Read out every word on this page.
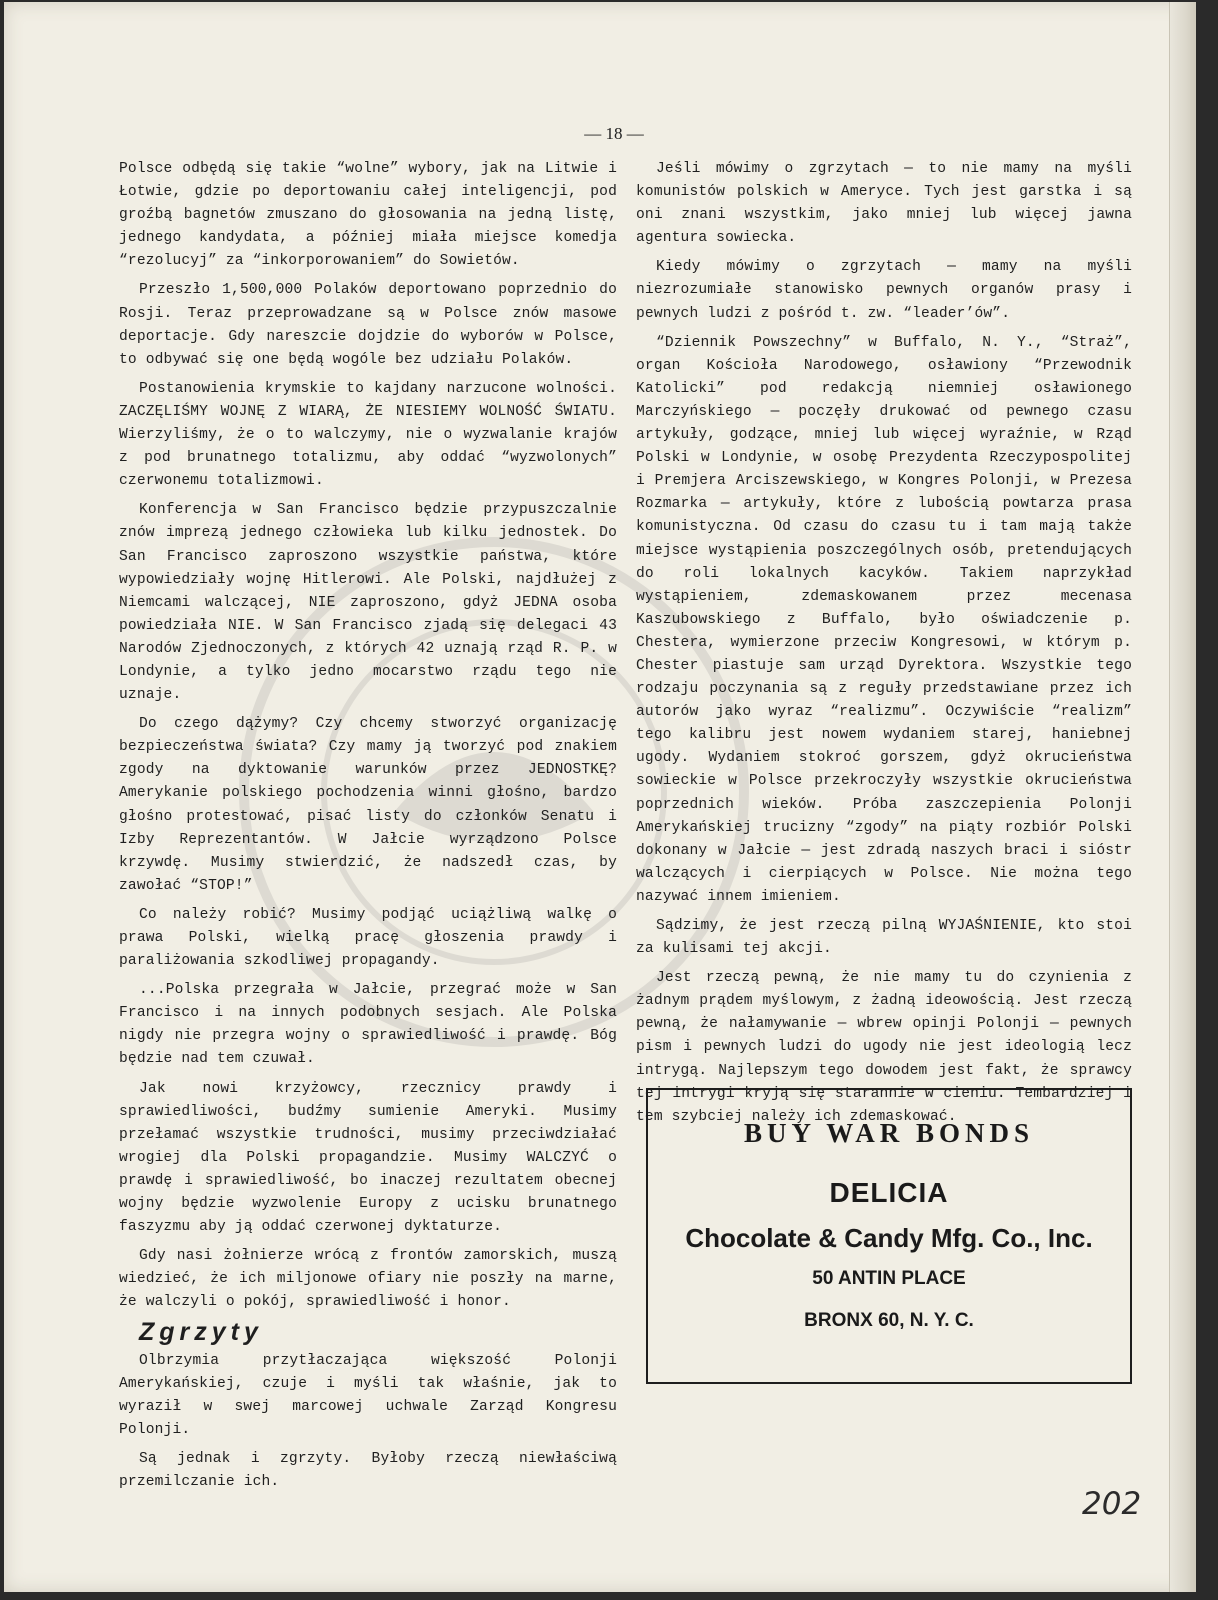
— 18 —

Polsce odbędą się takie “wolne” wybory, jak na Litwie i Łotwie, gdzie po deportowaniu całej inteligencji, pod groźbą bagnetów zmuszano do głosowania na jedną listę, jednego kandydata, a później miała miejsce komedja “rezolucyj” za “inkorporowaniem” do Sowietów.

Przeszło 1,500,000 Polaków deportowano poprzednio do Rosji. Teraz przeprowadzane są w Polsce znów masowe deportacje. Gdy nareszcie dojdzie do wyborów w Polsce, to odbywać się one będą wogóle bez udziału Polaków.

Postanowienia krymskie to kajdany narzucone wolności. ZACZĘLIŚMY WOJNĘ Z WIARĄ, ŻE NIESIEMY WOLNOŚĆ ŚWIATU. Wierzyliśmy, że o to walczymy, nie o wyzwalanie krajów z pod brunatnego totalizmu, aby oddać “wyzwolonych” czerwonemu totalizmowi.

Konferencja w San Francisco będzie przypuszczalnie znów imprezą jednego człowieka lub kilku jednostek. Do San Francisco zaproszono wszystkie państwa, które wypowiedziały wojnę Hitlerowi. Ale Polski, najdłużej z Niemcami walczącej, NIE zaproszono, gdyż JEDNA osoba powiedziała NIE. W San Francisco zjadą się delegaci 43 Narodów Zjednoczonych, z których 42 uznają rząd R. P. w Londynie, a tylko jedno mocarstwo rządu tego nie uznaje.

Do czego dążymy? Czy chcemy stworzyć organizację bezpieczeństwa świata? Czy mamy ją tworzyć pod znakiem zgody na dyktowanie warunków przez JEDNOSTKĘ? Amerykanie polskiego pochodzenia winni głośno, bardzo głośno protestować, pisać listy do członków Senatu i Izby Reprezentantów. W Jałcie wyrządzono Polsce krzywdę. Musimy stwierdzić, że nadszedł czas, by zawołać “STOP!”

Co należy robić? Musimy podjąć uciążliwą walkę o prawa Polski, wielką pracę głoszenia prawdy i paraliżowania szkodliwej propagandy.

...Polska przegrała w Jałcie, przegrać może w San Francisco i na innych podobnych sesjach. Ale Polska nigdy nie przegra wojny o sprawiedliwość i prawdę. Bóg będzie nad tem czuwał.

Jak nowi krzyżowcy, rzecznicy prawdy i sprawiedliwości, budźmy sumienie Ameryki. Musimy przełamać wszystkie trudności, musimy przeciwdziałać wrogiej dla Polski propagandzie. Musimy WALCZYĆ o prawdę i sprawiedliwość, bo inaczej rezultatem obecnej wojny będzie wyzwolenie Europy z ucisku brunatnego faszyzmu aby ją oddać czerwonej dyktaturze.

Gdy nasi żołnierze wrócą z frontów zamorskich, muszą wiedzieć, że ich miljonowe ofiary nie poszły na marne, że walczyli o pokój, sprawiedliwość i honor.

Zgrzyty

Olbrzymia przytłaczająca większość Polonji Amerykańskiej, czuje i myśli tak właśnie, jak to wyraził w swej marcowej uchwale Zarząd Kongresu Polonji.

Są jednak i zgrzyty. Byłoby rzeczą niewłaściwą przemilczanie ich.

Jeśli mówimy o zgrzytach — to nie mamy na myśli komunistów polskich w Ameryce. Tych jest garstka i są oni znani wszystkim, jako mniej lub więcej jawna agentura sowiecka.

Kiedy mówimy o zgrzytach — mamy na myśli niezrozumiałe stanowisko pewnych organów prasy i pewnych ludzi z pośród t. zw. “leader’ów”.

“Dziennik Powszechny” w Buffalo, N. Y., “Straż”, organ Kościoła Narodowego, osławiony “Przewodnik Katolicki” pod redakcją niemniej osławionego Marczyńskiego — poczęły drukować od pewnego czasu artykuły, godzące, mniej lub więcej wyraźnie, w Rząd Polski w Londynie, w osobę Prezydenta Rzeczypospolitej i Premjera Arciszewskiego, w Kongres Polonji, w Prezesa Rozmarka — artykuły, które z lubością powtarza prasa komunistyczna. Od czasu do czasu tu i tam mają także miejsce wystąpienia poszczególnych osób, pretendujących do roli lokalnych kacyków. Takiem naprzykład wystąpieniem, zdemaskowanem przez mecenasa Kaszubowskiego z Buffalo, było oświadczenie p. Chestera, wymierzone przeciw Kongresowi, w którym p. Chester piastuje sam urząd Dyrektora. Wszystkie tego rodzaju poczynania są z reguły przedstawiane przez ich autorów jako wyraz “realizmu”. Oczywiście “realizm” tego kalibru jest nowem wydaniem starej, haniebnej ugody. Wydaniem stokroć gorszem, gdyż okrucieństwa sowieckie w Polsce przekroczyły wszystkie okrucieństwa poprzednich wieków. Próba zaszczepienia Polonji Amerykańskiej trucizny “zgody” na piąty rozbiór Polski dokonany w Jałcie — jest zdradą naszych braci i sióstr walczących i cierpiących w Polsce. Nie można tego nazywać innem imieniem.

Sądzimy, że jest rzeczą pilną WYJAŚNIENIE, kto stoi za kulisami tej akcji.

Jest rzeczą pewną, że nie mamy tu do czynienia z żadnym prądem myślowym, z żadną ideowością. Jest rzeczą pewną, że nałamywanie — wbrew opinji Polonji — pewnych pism i pewnych ludzi do ugody nie jest ideologią lecz intrygą. Najlepszym tego dowodem jest fakt, że sprawcy tej intrygi kryją się starannie w cieniu. Tembardziej i tem szybciej należy ich zdemaskować.

BUY WAR BONDS
DELICIA
Chocolate & Candy Mfg. Co., Inc.
50 ANTIN PLACE
BRONX 60, N. Y. C.
202
